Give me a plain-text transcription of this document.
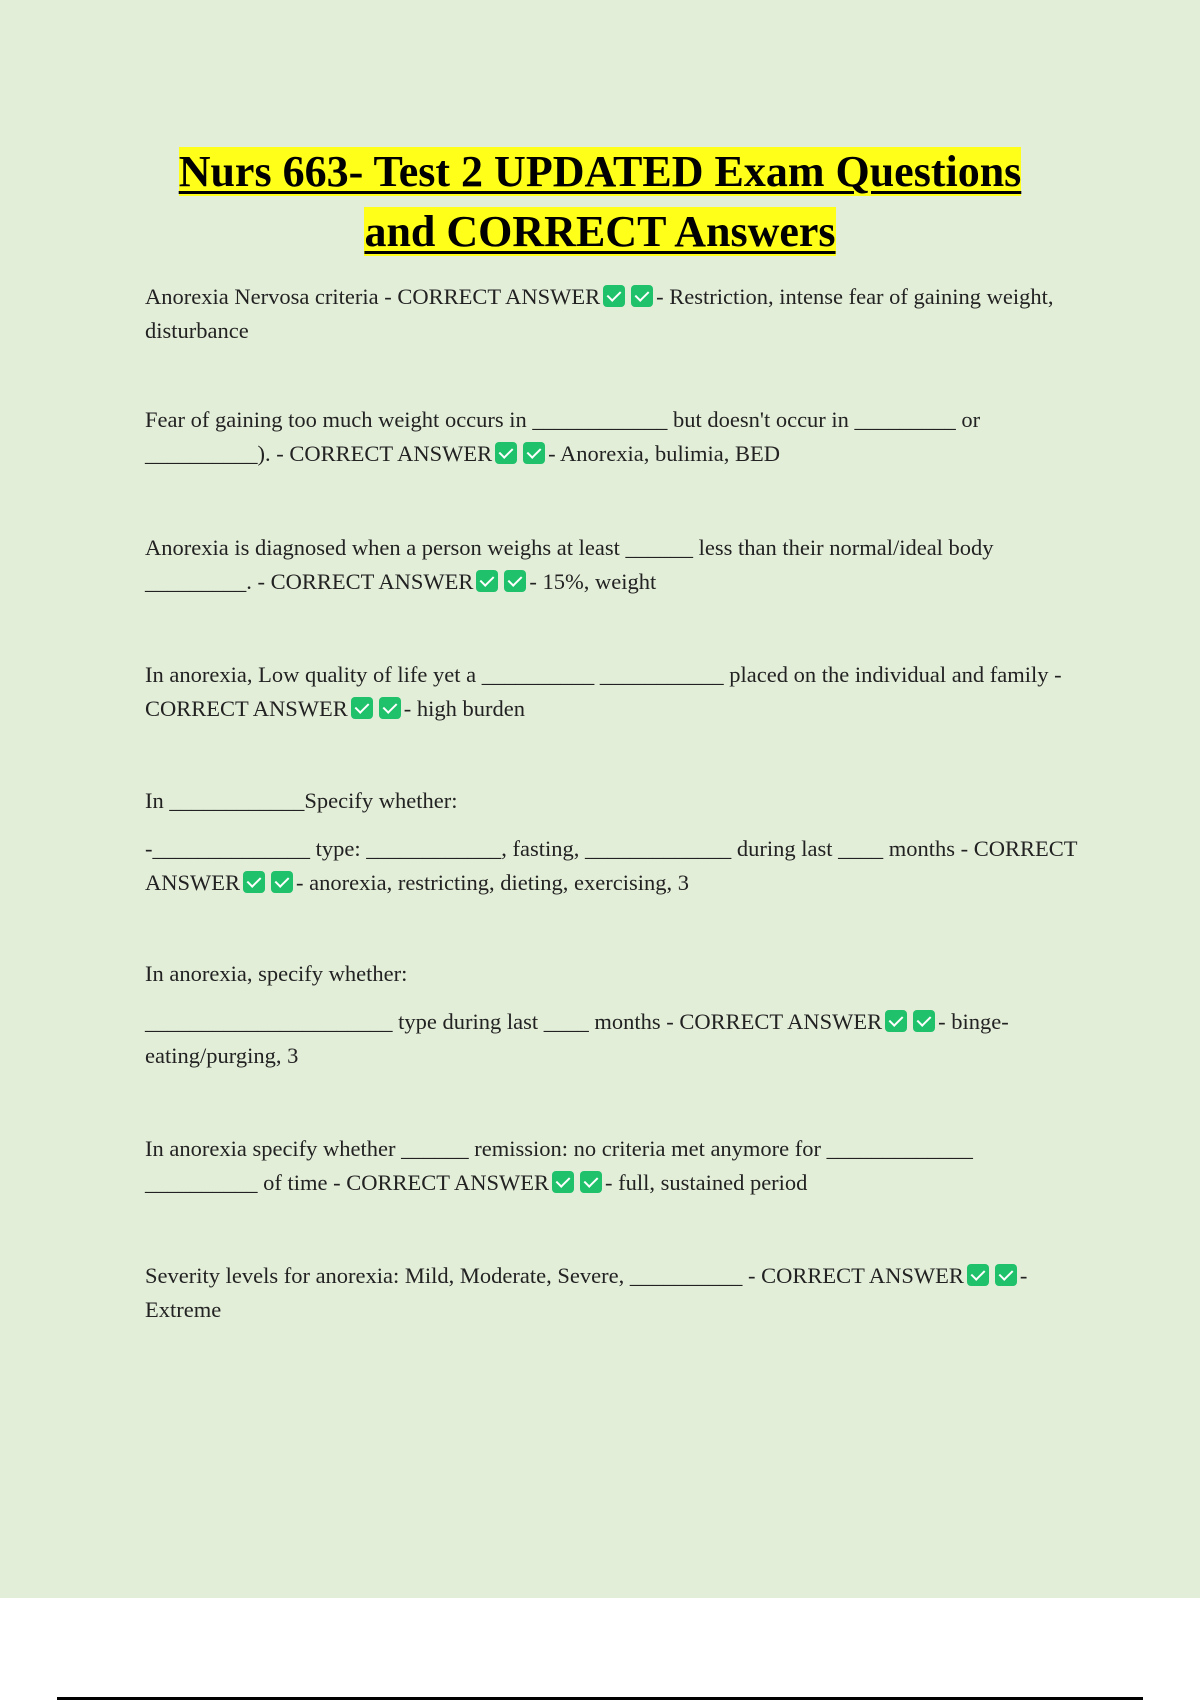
Nurs 663- Test 2 UPDATED Exam Questions
and CORRECT Answers

Anorexia Nervosa criteria - CORRECT ANSWER - Restriction, intense fear of gaining weight, disturbance

Fear of gaining too much weight occurs in ____________ but doesn't occur in _________ or __________). - CORRECT ANSWER - Anorexia, bulimia, BED

Anorexia is diagnosed when a person weighs at least ______ less than their normal/ideal body _________. - CORRECT ANSWER - 15%, weight

In anorexia, Low quality of life yet a __________ ___________ placed on the individual and family - CORRECT ANSWER - high burden

In ____________Specify whether:

-______________ type: ____________, fasting, _____________ during last ____ months - CORRECT ANSWER - anorexia, restricting, dieting, exercising, 3

In anorexia, specify whether:

______________________ type during last ____ months - CORRECT ANSWER - binge-eating/purging, 3

In anorexia specify whether ______ remission: no criteria met anymore for _____________ __________ of time - CORRECT ANSWER - full, sustained period

Severity levels for anorexia: Mild, Moderate, Severe, __________ - CORRECT ANSWER - Extreme
